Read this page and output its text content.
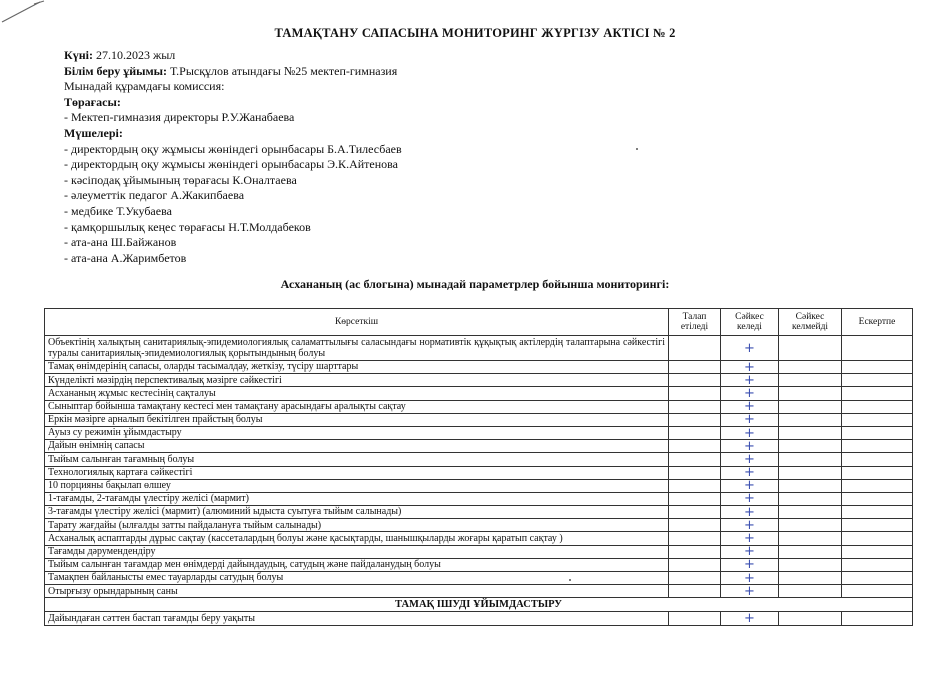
ТАМАҚТАНУ САПАСЫНА МОНИТОРИНГ ЖҮРГІЗУ АКТІСІ № 2
Күні: 27.10.2023 жыл
Білім беру ұйымы: Т.Рысқұлов атындағы №25 мектеп-гимназия
Мынадай құрамдағы комиссия:
Төрағасы:
- Мектеп-гимназия директоры Р.У.Жанабаева
Мүшелері:
- директордың оқу жұмысы жөніндегі орынбасары Б.А.Тилесбаев
- директордың оқу жұмысы жөніндегі орынбасары Э.К.Айтенова
- кәсіподақ ұйымының төрағасы К.Оналтаева
- әлеуметтік педагог А.Жакипбаева
- медбике Т.Укубаева
- қамқоршылық кеңес төрағасы Н.Т.Молдабеков
- ата-ана Ш.Байжанов
- ата-ана А.Жаримбетов
Асхананың (ас блогына) мынадай параметрлер бойынша мониторингі:
Көрсеткіш	Талап етіледі	Сәйкес келеді	Сәйкес келмейді	Ескертпе
Объектінің халықтың санитариялық-эпидемиологиялық саламаттылығы саласындағы нормативтік құқықтық актілердің талаптарына сәйкестігі туралы санитариялық-эпидемиологиялық қорытындының болуы		+		
Тамақ өнімдерінің сапасы, оларды тасымалдау, жеткізу, түсіру шарттары		+		
Күнделікті мәзірдің перспективалық мәзірге сәйкестігі		+		
Асхананың жұмыс кестесінің сақталуы		+		
Сыныптар бойынша тамақтану кестесі мен тамақтану арасындағы аралықты сақтау		+		
Еркін мәзірге арналып бекітілген прайстың болуы		+		
Ауыз су режимін ұйымдастыру		+		
Дайын өнімнің сапасы		+		
Тыйым салынған тағамның болуы		+		
Технологиялық картаға сәйкестігі		+		
10 порцияны бақылап өлшеу		+		
1-тағамды, 2-тағамды үлестіру желісі (мармит)		+		
3-тағамды үлестіру желісі (мармит) (алюминий ыдыста суытуға тыйым салынады)		+		
Тарату жағдайы (ылғалды затты пайдалануға тыйым салынады)		+		
Асханалық аспаптарды дұрыс сақтау (кассеталардың болуы және қасықтарды, шанышқыларды жоғары қаратып сақтау )		+		
Тағамды дәрумендендіру		+		
Тыйым салынған тағамдар мен өнімдерді дайындаудың, сатудың және пайдаланудың болуы		+		
Тамақпен байланысты емес тауарларды сатудың болуы		+		
Отырғызу орындарының саны		+		
ТАМАҚ ІШУДІ ҰЙЫМДАСТЫРУ				
Дайындаған сәттен бастап тағамды беру уақыты		+		
